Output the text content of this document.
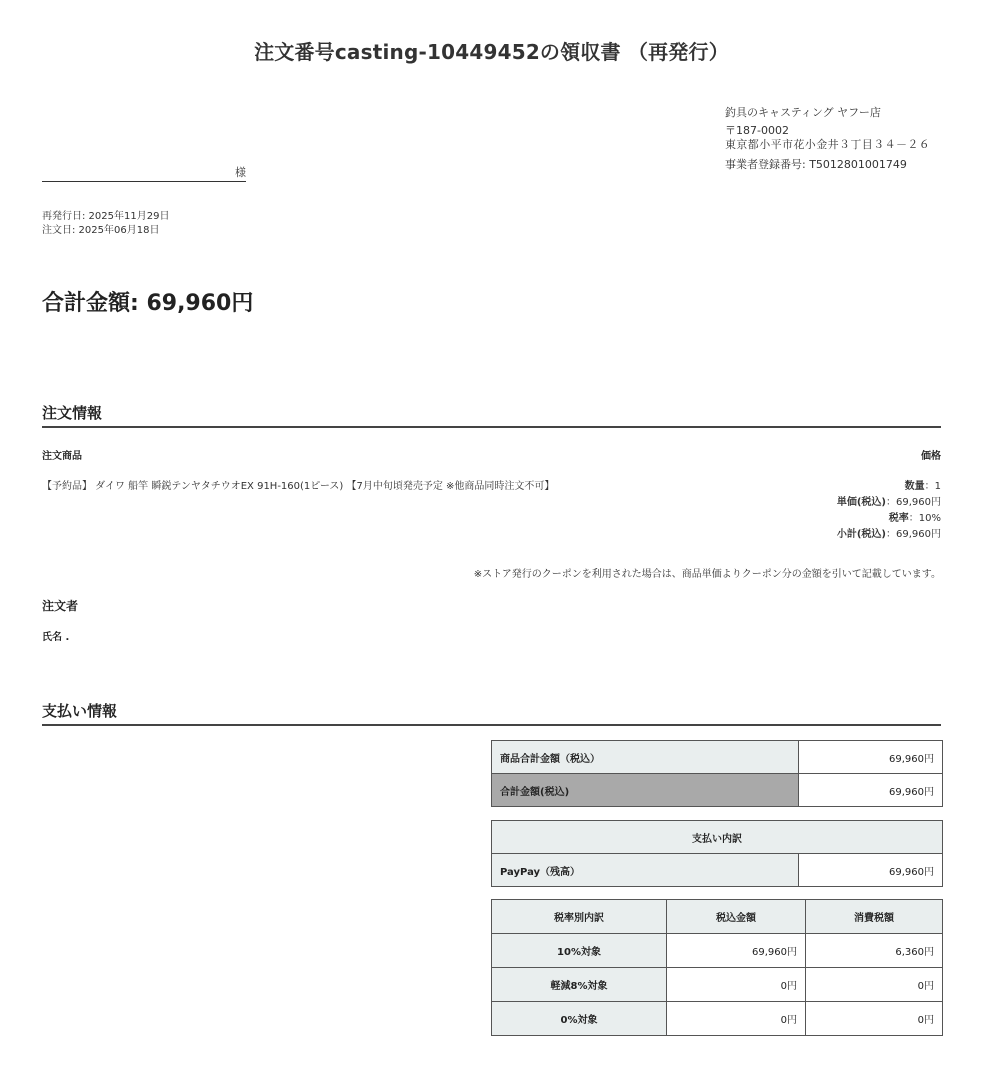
注文番号casting-10449452の領収書 （再発行）
釣具のキャスティング ヤフー店
〒187-0002
東京都小平市花小金井３丁目３４－２６
事業者登録番号: T5012801001749
様
再発行日: 2025年11月29日
注文日: 2025年06月18日
合計金額: 69,960円
注文情報
注文商品	価格
【予約品】 ダイワ 船竿 瞬鋭テンヤタチウオEX 91H-160(1ピース) 【7月中旬頃発売予定 ※他商品同時注文不可】	数量：1
単価(税込)：69,960円
税率：10%
小計(税込)：69,960円
※ストア発行のクーポンを利用された場合は、商品単価よりクーポン分の金額を引いて記載しています。
注文者
氏名 .
支払い情報
商品合計金額（税込）	69,960円
合計金額(税込)	69,960円
支払い内訳
PayPay（残高）	69,960円
税率別内訳	税込金額	消費税額
10%対象	69,960円	6,360円
軽減8%対象	0円	0円
0%対象	0円	0円
